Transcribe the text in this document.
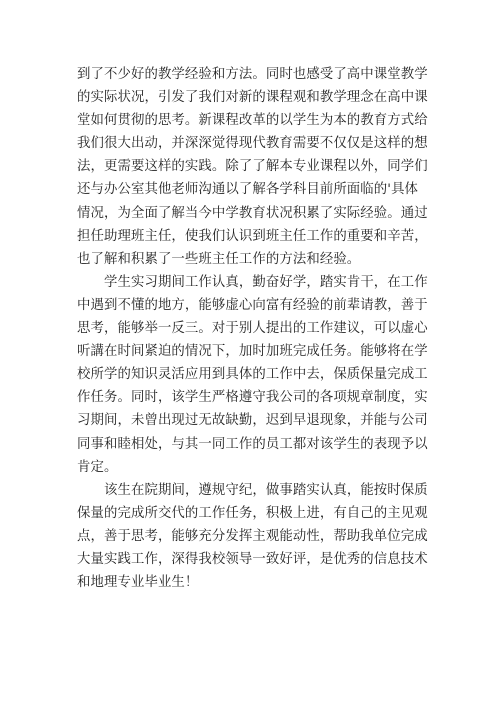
到了不少好的教学经验和方法。同时也感受了高中课堂教学
的实际状况，引发了我们对新的课程观和教学理念在高中课
堂如何贯彻的思考。新课程改革的以学生为本的教育方式给
我们很大出动，并深深觉得现代教育需要不仅仅是这样的想
法，更需要这样的实践。除了了解本专业课程以外，同学们
还与办公室其他老师沟通以了解各学科目前所面临的'具体
情况，为全面了解当今中学教育状况积累了实际经验。通过
担任助理班主任，使我们认识到班主任工作的重要和辛苦，
也了解和积累了一些班主任工作的方法和经验。
学生实习期间工作认真，勤奋好学，踏实肯干，在工作
中遇到不懂的地方，能够虚心向富有经验的前辈请教，善于
思考，能够举一反三。对于别人提出的工作建议，可以虚心
听講在时间紧迫的情况下，加时加班完成任务。能够将在学
校所学的知识灵活应用到具体的工作中去，保质保量完成工
作任务。同时，该学生严格遵守我公司的各项规章制度，实
习期间，未曾出现过无故缺勤，迟到早退现象，并能与公司
同事和睦相处，与其一同工作的员工都对该学生的表现予以
肯定。
该生在院期间，遵规守纪，做事踏实认真，能按时保质
保量的完成所交代的工作任务，积极上进，有自己的主见观
点，善于思考，能够充分发挥主观能动性，帮助我单位完成
大量实践工作，深得我校领导一致好评，是优秀的信息技术
和地理专业毕业生！
